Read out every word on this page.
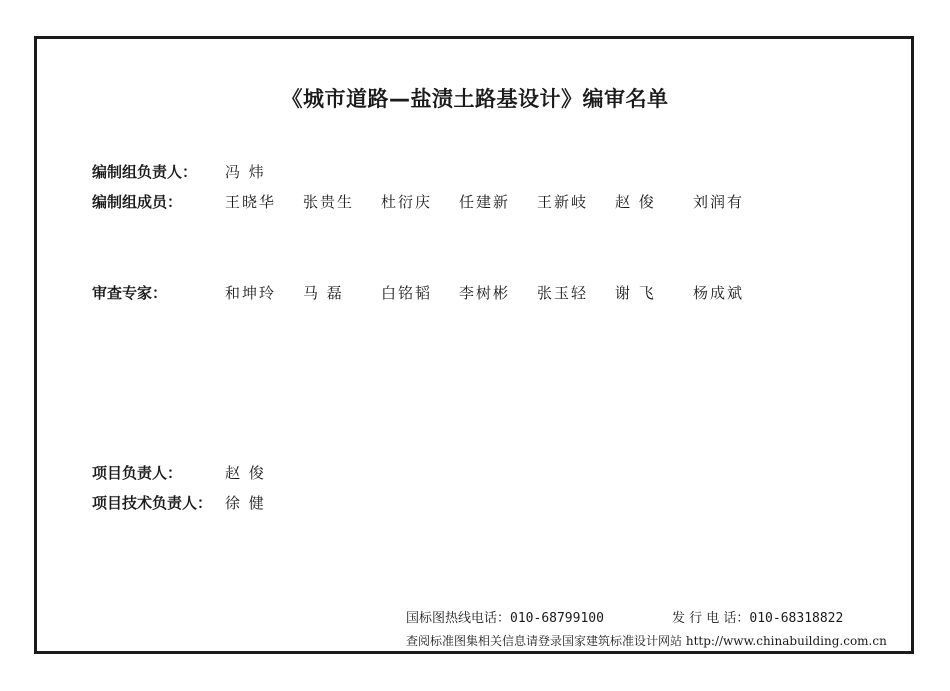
《城市道路—盐渍土路基设计》编审名单
编制组负责人： 冯 炜
编制组成员：	王晓华 张贵生 杜衍庆 任建新 王新岐 赵 俊 刘润有
审查专家：	和坤玲 马 磊 白铭韬 李树彬 张玉轻 谢 飞 杨成斌
项目负责人：	赵 俊
项目技术负责人： 徐 健
国标图热线电话：010-68799100	发 行 电 话：010-68318822
查阅标准图集相关信息请登录国家建筑标准设计网站 http://www.chinabuilding.com.cn
